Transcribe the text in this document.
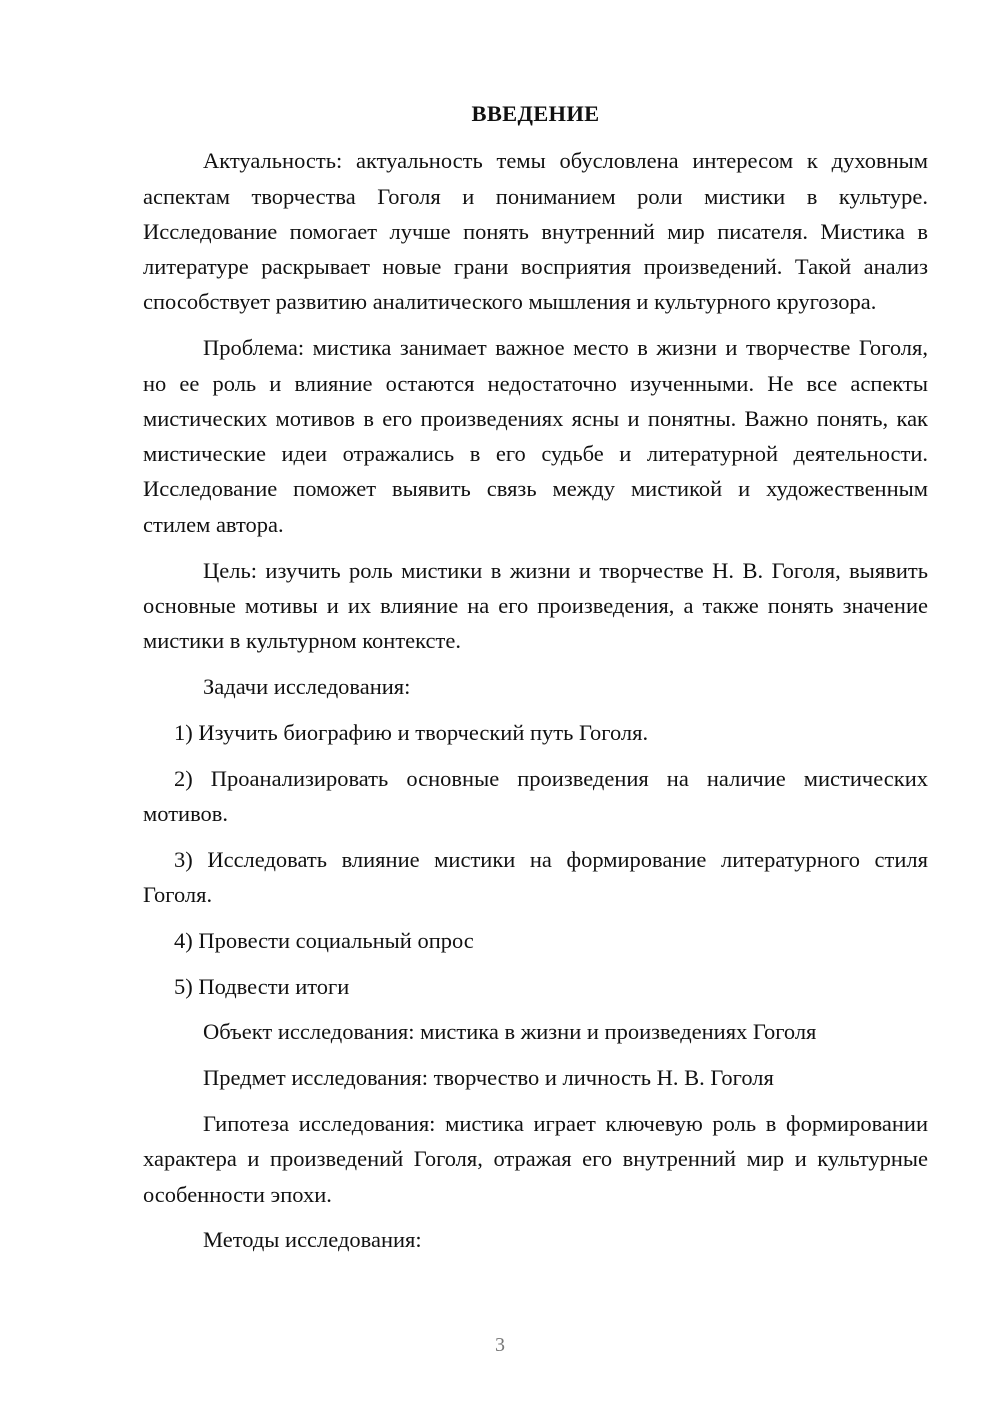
ВВЕДЕНИЕ

Актуальность: актуальность темы обусловлена интересом к духовным аспектам творчества Гоголя и пониманием роли мистики в культуре. Исследование помогает лучше понять внутренний мир писателя. Мистика в литературе раскрывает новые грани восприятия произведений. Такой анализ способствует развитию аналитического мышления и культурного кругозора.

Проблема: мистика занимает важное место в жизни и творчестве Гоголя, но ее роль и влияние остаются недостаточно изученными. Не все аспекты мистических мотивов в его произведениях ясны и понятны. Важно понять, как мистические идеи отражались в его судьбе и литературной деятельности. Исследование поможет выявить связь между мистикой и художественным стилем автора.

Цель: изучить роль мистики в жизни и творчестве Н. В. Гоголя, выявить основные мотивы и их влияние на его произведения, а также понять значение мистики в культурном контексте.

Задачи исследования:

1) Изучить биографию и творческий путь Гоголя.

2) Проанализировать основные произведения на наличие мистических мотивов.

3) Исследовать влияние мистики на формирование литературного стиля Гоголя.

4) Провести социальный опрос

5) Подвести итоги

Объект исследования: мистика в жизни и произведениях Гоголя

Предмет исследования: творчество и личность Н. В. Гоголя

Гипотеза исследования: мистика играет ключевую роль в формировании характера и произведений Гоголя, отражая его внутренний мир и культурные особенности эпохи.

Методы исследования:

3
